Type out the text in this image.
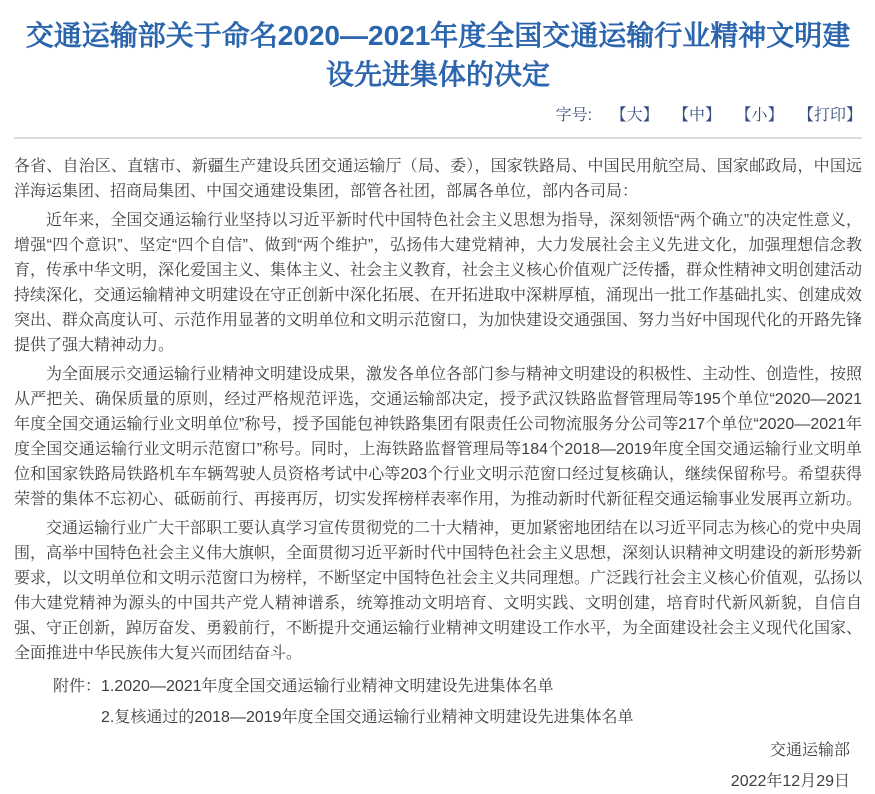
交通运输部关于命名2020—2021年度全国交通运输行业精神文明建设先进集体的决定
字号: 【大】 【中】 【小】 【打印】

各省、自治区、直辖市、新疆生产建设兵团交通运输厅（局、委），国家铁路局、中国民用航空局、国家邮政局，中国远洋海运集团、招商局集团、中国交通建设集团，部管各社团，部属各单位，部内各司局：

近年来，全国交通运输行业坚持以习近平新时代中国特色社会主义思想为指导，深刻领悟“两个确立”的决定性意义，增强“四个意识”、坚定“四个自信”、做到“两个维护”，弘扬伟大建党精神，大力发展社会主义先进文化，加强理想信念教育，传承中华文明，深化爱国主义、集体主义、社会主义教育，社会主义核心价值观广泛传播，群众性精神文明创建活动持续深化，交通运输精神文明建设在守正创新中深化拓展、在开拓进取中深耕厚植，涌现出一批工作基础扎实、创建成效突出、群众高度认可、示范作用显著的文明单位和文明示范窗口，为加快建设交通强国、努力当好中国现代化的开路先锋提供了强大精神动力。

为全面展示交通运输行业精神文明建设成果，激发各单位各部门参与精神文明建设的积极性、主动性、创造性，按照从严把关、确保质量的原则，经过严格规范评选，交通运输部决定，授予武汉铁路监督管理局等195个单位“2020—2021年度全国交通运输行业文明单位”称号，授予国能包神铁路集团有限责任公司物流服务分公司等217个单位“2020—2021年度全国交通运输行业文明示范窗口”称号。同时，上海铁路监督管理局等184个2018—2019年度全国交通运输行业文明单位和国家铁路局铁路机车车辆驾驶人员资格考试中心等203个行业文明示范窗口经过复核确认，继续保留称号。希望获得荣誉的集体不忘初心、砥砺前行、再接再厉，切实发挥榜样表率作用，为推动新时代新征程交通运输事业发展再立新功。

交通运输行业广大干部职工要认真学习宣传贯彻党的二十大精神，更加紧密地团结在以习近平同志为核心的党中央周围，高举中国特色社会主义伟大旗帜，全面贯彻习近平新时代中国特色社会主义思想，深刻认识精神文明建设的新形势新要求，以文明单位和文明示范窗口为榜样，不断坚定中国特色社会主义共同理想。广泛践行社会主义核心价值观，弘扬以伟大建党精神为源头的中国共产党人精神谱系，统筹推动文明培育、文明实践、文明创建，培育时代新风新貌，自信自强、守正创新，踔厉奋发、勇毅前行，不断提升交通运输行业精神文明建设工作水平，为全面建设社会主义现代化国家、全面推进中华民族伟大复兴而团结奋斗。

附件：1.2020—2021年度全国交通运输行业精神文明建设先进集体名单

2.复核通过的2018—2019年度全国交通运输行业精神文明建设先进集体名单

交通运输部

2022年12月29日
